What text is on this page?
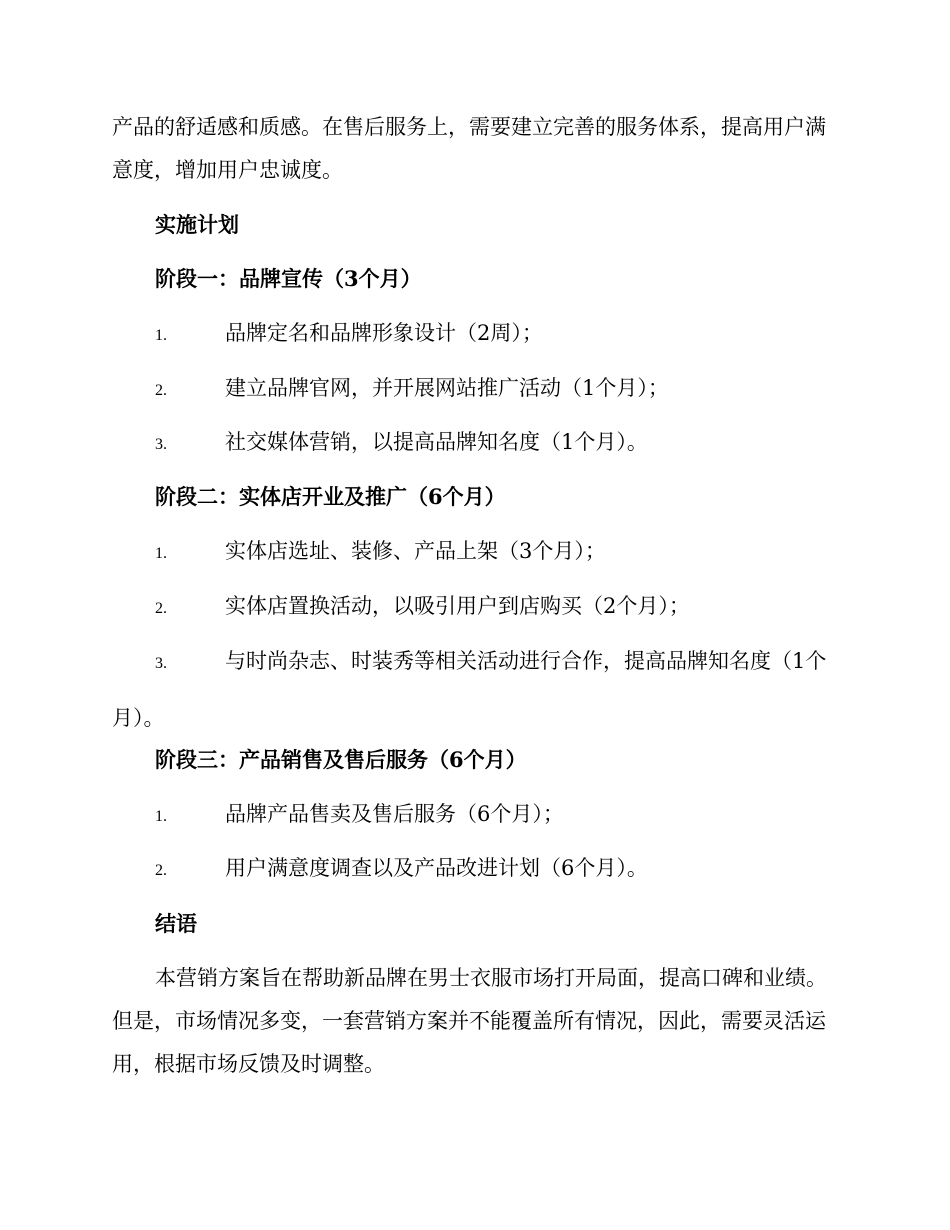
产品的舒适感和质感。在售后服务上，需要建立完善的服务体系，提高用户满意度，增加用户忠诚度。

实施计划

阶段一：品牌宣传（3个月）

1.	品牌定名和品牌形象设计（2周）；

2.	建立品牌官网，并开展网站推广活动（1个月）；

3.	社交媒体营销，以提高品牌知名度（1个月）。

阶段二：实体店开业及推广（6个月）

1.	实体店选址、装修、产品上架（3个月）；

2.	实体店置换活动，以吸引用户到店购买（2个月）；

3.	与时尚杂志、时装秀等相关活动进行合作，提高品牌知名度（1个月）。

阶段三：产品销售及售后服务（6个月）

1.	品牌产品售卖及售后服务（6个月）；

2.	用户满意度调查以及产品改进计划（6个月）。

结语

本营销方案旨在帮助新品牌在男士衣服市场打开局面，提高口碑和业绩。但是，市场情况多变，一套营销方案并不能覆盖所有情况，因此，需要灵活运用，根据市场反馈及时调整。
